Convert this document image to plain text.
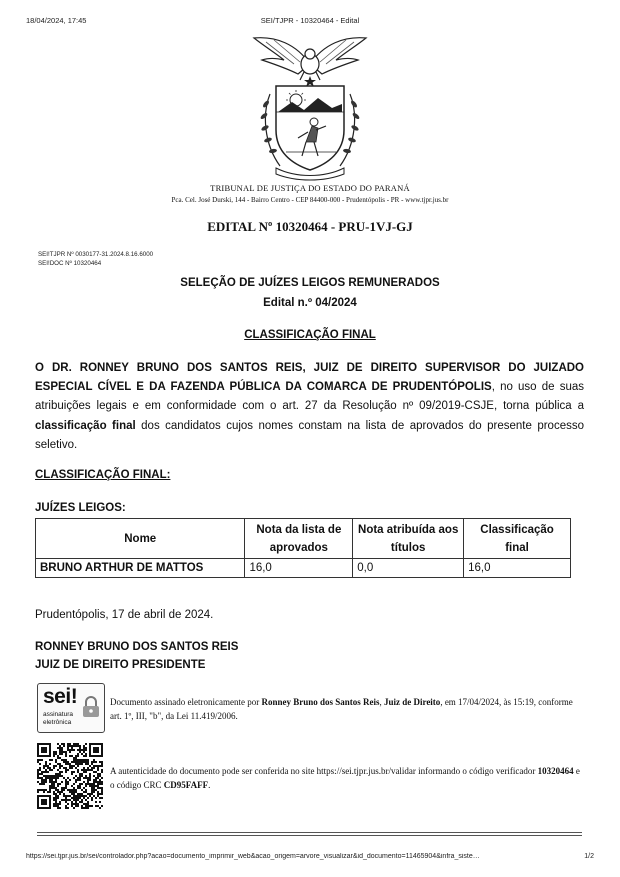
18/04/2024, 17:45	SEI/TJPR - 10320464 - Edital
TRIBUNAL DE JUSTIÇA DO ESTADO DO PARANÁ
Pca. Cel. José Durski, 144 - Bairro Centro - CEP 84400-000 - Prudentópolis - PR - www.tjpr.jus.br
EDITAL Nº 10320464 - PRU-1VJ-GJ
SEI!TJPR Nº 0030177-31.2024.8.16.6000
SEI!DOC Nº 10320464
SELEÇÃO DE JUÍZES LEIGOS REMUNERADOS
Edital n.º 04/2024
CLASSIFICAÇÃO FINAL

O DR. RONNEY BRUNO DOS SANTOS REIS, JUIZ DE DIREITO SUPERVISOR DO JUIZADO ESPECIAL CÍVEL E DA FAZENDA PÚBLICA DA COMARCA DE PRUDENTÓPOLIS, no uso de suas atribuições legais e em conformidade com o art. 27 da Resolução nº 09/2019-CSJE, torna pública a classificação final dos candidatos cujos nomes constam na lista de aprovados do presente processo seletivo.

CLASSIFICAÇÃO FINAL:
JUÍZES LEIGOS:
Nome	Nota da lista de aprovados	Nota atribuída aos títulos	Classificação final
BRUNO ARTHUR DE MATTOS	16,0	0,0	16,0
Prudentópolis, 17 de abril de 2024.
RONNEY BRUNO DOS SANTOS REIS
JUIZ DE DIREITO PRESIDENTE
sei!
assinatura
eletrônica

Documento assinado eletronicamente por Ronney Bruno dos Santos Reis, Juiz de Direito, em 17/04/2024, às 15:19, conforme art. 1º, III, "b", da Lei 11.419/2006.

A autenticidade do documento pode ser conferida no site https://sei.tjpr.jus.br/validar informando o código verificador 10320464 e o código CRC CD95FAFF.

https://sei.tjpr.jus.br/sei/controlador.php?acao=documento_imprimir_web&acao_origem=arvore_visualizar&id_documento=11465904&infra_siste…	1/2
